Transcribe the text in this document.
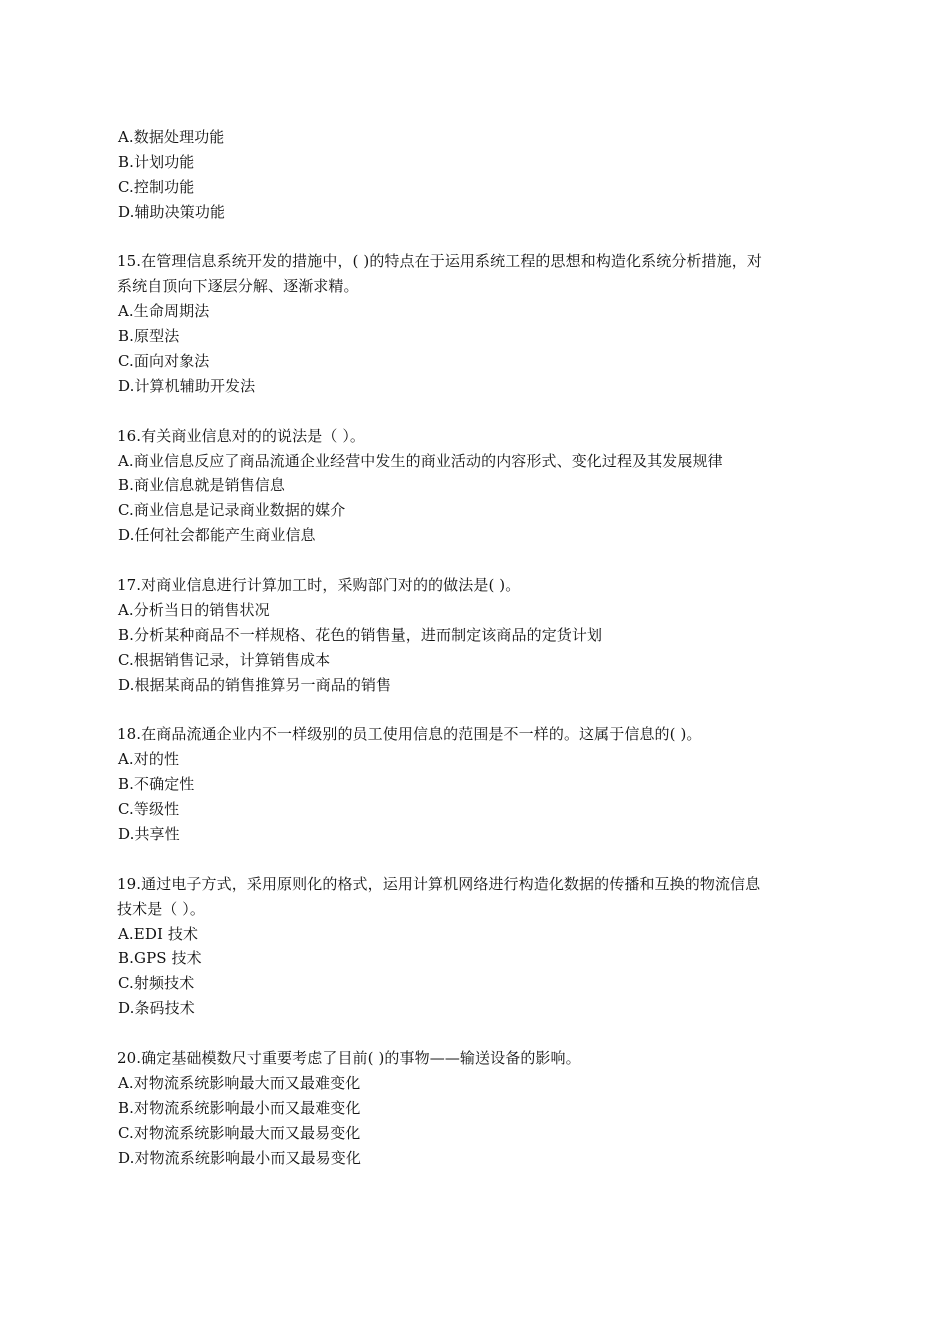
A.数据处理功能
B.计划功能
C.控制功能
D.辅助决策功能
15.在管理信息系统开发的措施中，( )的特点在于运用系统工程的思想和构造化系统分析措施，对
系统自顶向下逐层分解、逐渐求精。
A.生命周期法
B.原型法
C.面向对象法
D.计算机辅助开发法
16.有关商业信息对的的说法是（ ）。
A.商业信息反应了商品流通企业经营中发生的商业活动的内容形式、变化过程及其发展规律
B.商业信息就是销售信息
C.商业信息是记录商业数据的媒介
D.任何社会都能产生商业信息
17.对商业信息进行计算加工时，采购部门对的的做法是( )。
A.分析当日的销售状况
B.分析某种商品不一样规格、花色的销售量，进而制定该商品的定货计划
C.根据销售记录，计算销售成本
D.根据某商品的销售推算另一商品的销售
18.在商品流通企业内不一样级别的员工使用信息的范围是不一样的。这属于信息的( )。
A.对的性
B.不确定性
C.等级性
D.共享性
19.通过电子方式，采用原则化的格式，运用计算机网络进行构造化数据的传播和互换的物流信息
技术是（ ）。
A.EDI 技术
B.GPS 技术
C.射频技术
D.条码技术
20.确定基础模数尺寸重要考虑了目前( )的事物——输送设备的影响。
A.对物流系统影响最大而又最难变化
B.对物流系统影响最小而又最难变化
C.对物流系统影响最大而又最易变化
D.对物流系统影响最小而又最易变化
